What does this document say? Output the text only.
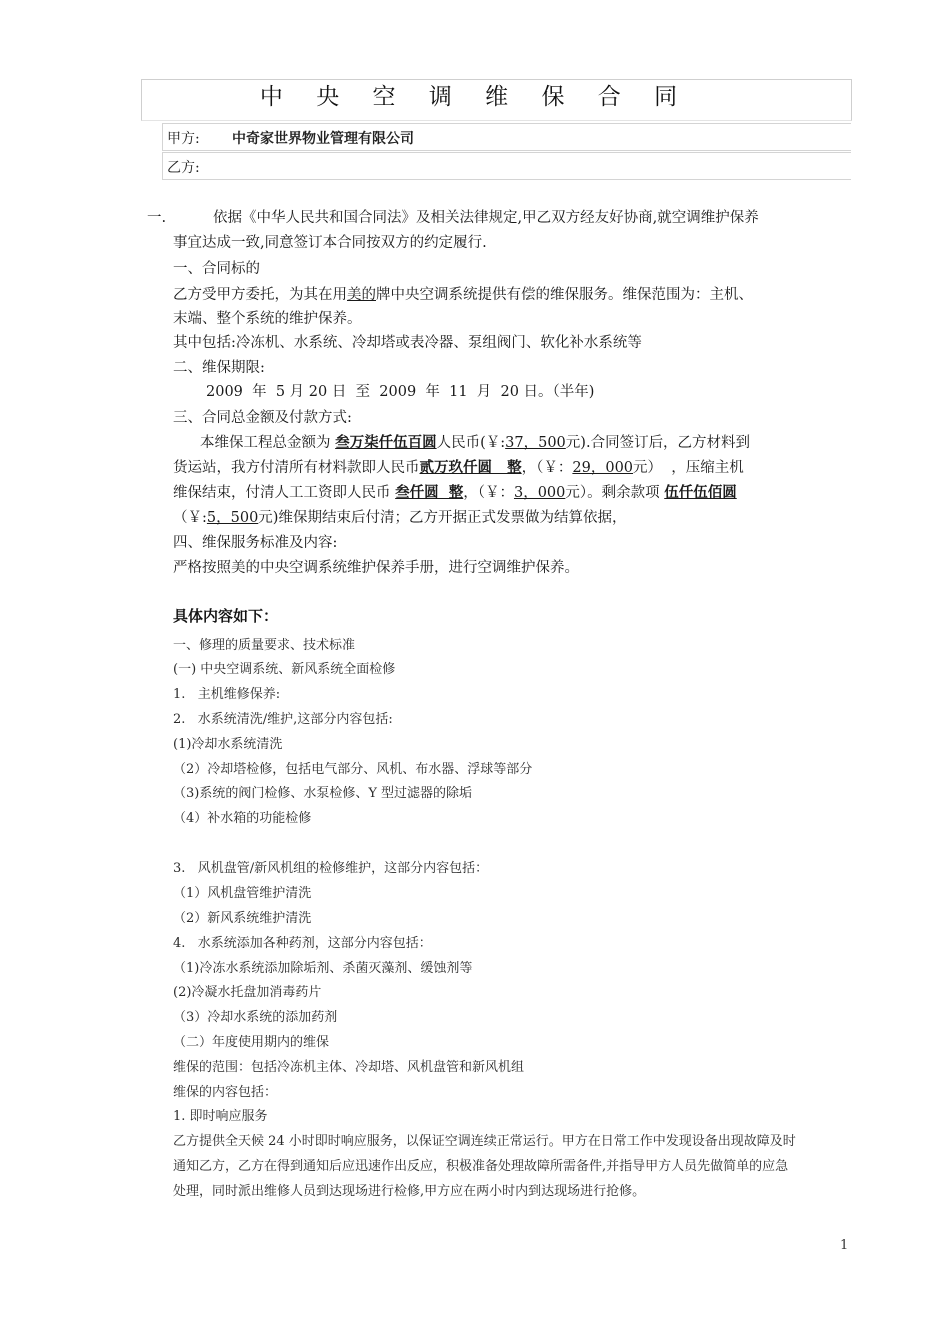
中 央 空 调 维 保 合 同
甲方: 中奇家世界物业管理有限公司
乙方:
一.	依据《中华人民共和国合同法》及相关法律规定,甲乙双方经友好协商,就空调维护保养
事宜达成一致,同意签订本合同按双方的约定履行.
一、合同标的
乙方受甲方委托，为其在用美的牌中央空调系统提供有偿的维保服务。维保范围为：主机、
末端、整个系统的维护保养。
其中包括:冷冻机、水系统、冷却塔或表冷器、泵组阀门、软化补水系统等
二、维保期限:
2009  年  5 月 20 日  至  2009  年  11  月  20 日。（半年)
三、合同总金额及付款方式:
本维保工程总金额为 叁万柒仟伍百圆人民币(￥:37，500元).合同签订后，乙方材料到
货运站，我方付清所有材料款即人民币贰万玖仟圆   整，（￥：29，000元）  ，压缩主机
维保结束，付清人工工资即人民币 叁仟圆  整，（￥：3，000元）。剩余款项 伍仟伍佰圆
（￥:5，500元)维保期结束后付清；乙方开据正式发票做为结算依据，
四、维保服务标准及内容:
严格按照美的中央空调系统维护保养手册，进行空调维护保养。
具体内容如下：
一、修理的质量要求、技术标准
(一) 中央空调系统、新风系统全面检修
1.   主机维修保养:
2.   水系统清洗/维护,这部分内容包括:
(1)冷却水系统清洗
（2）冷却塔检修，包括电气部分、风机、布水器、浮球等部分
（3)系统的阀门检修、水泵检修、Y 型过滤器的除垢
（4）补水箱的功能检修
3.   风机盘管/新风机组的检修维护，这部分内容包括：
（1）风机盘管维护清洗
（2）新风系统维护清洗
4.   水系统添加各种药剂，这部分内容包括：
（1)冷冻水系统添加除垢剂、杀菌灭藻剂、缓蚀剂等
(2)冷凝水托盘加消毒药片
（3）冷却水系统的添加药剂
（二）年度使用期内的维保
维保的范围：包括冷冻机主体、冷却塔、风机盘管和新风机组
维保的内容包括：
1. 即时响应服务
乙方提供全天候 24 小时即时响应服务，以保证空调连续正常运行。甲方在日常工作中发现设备出现故障及时
通知乙方，乙方在得到通知后应迅速作出反应，积极准备处理故障所需备件,并指导甲方人员先做简单的应急
处理，同时派出维修人员到达现场进行检修,甲方应在两小时内到达现场进行抢修。
1
